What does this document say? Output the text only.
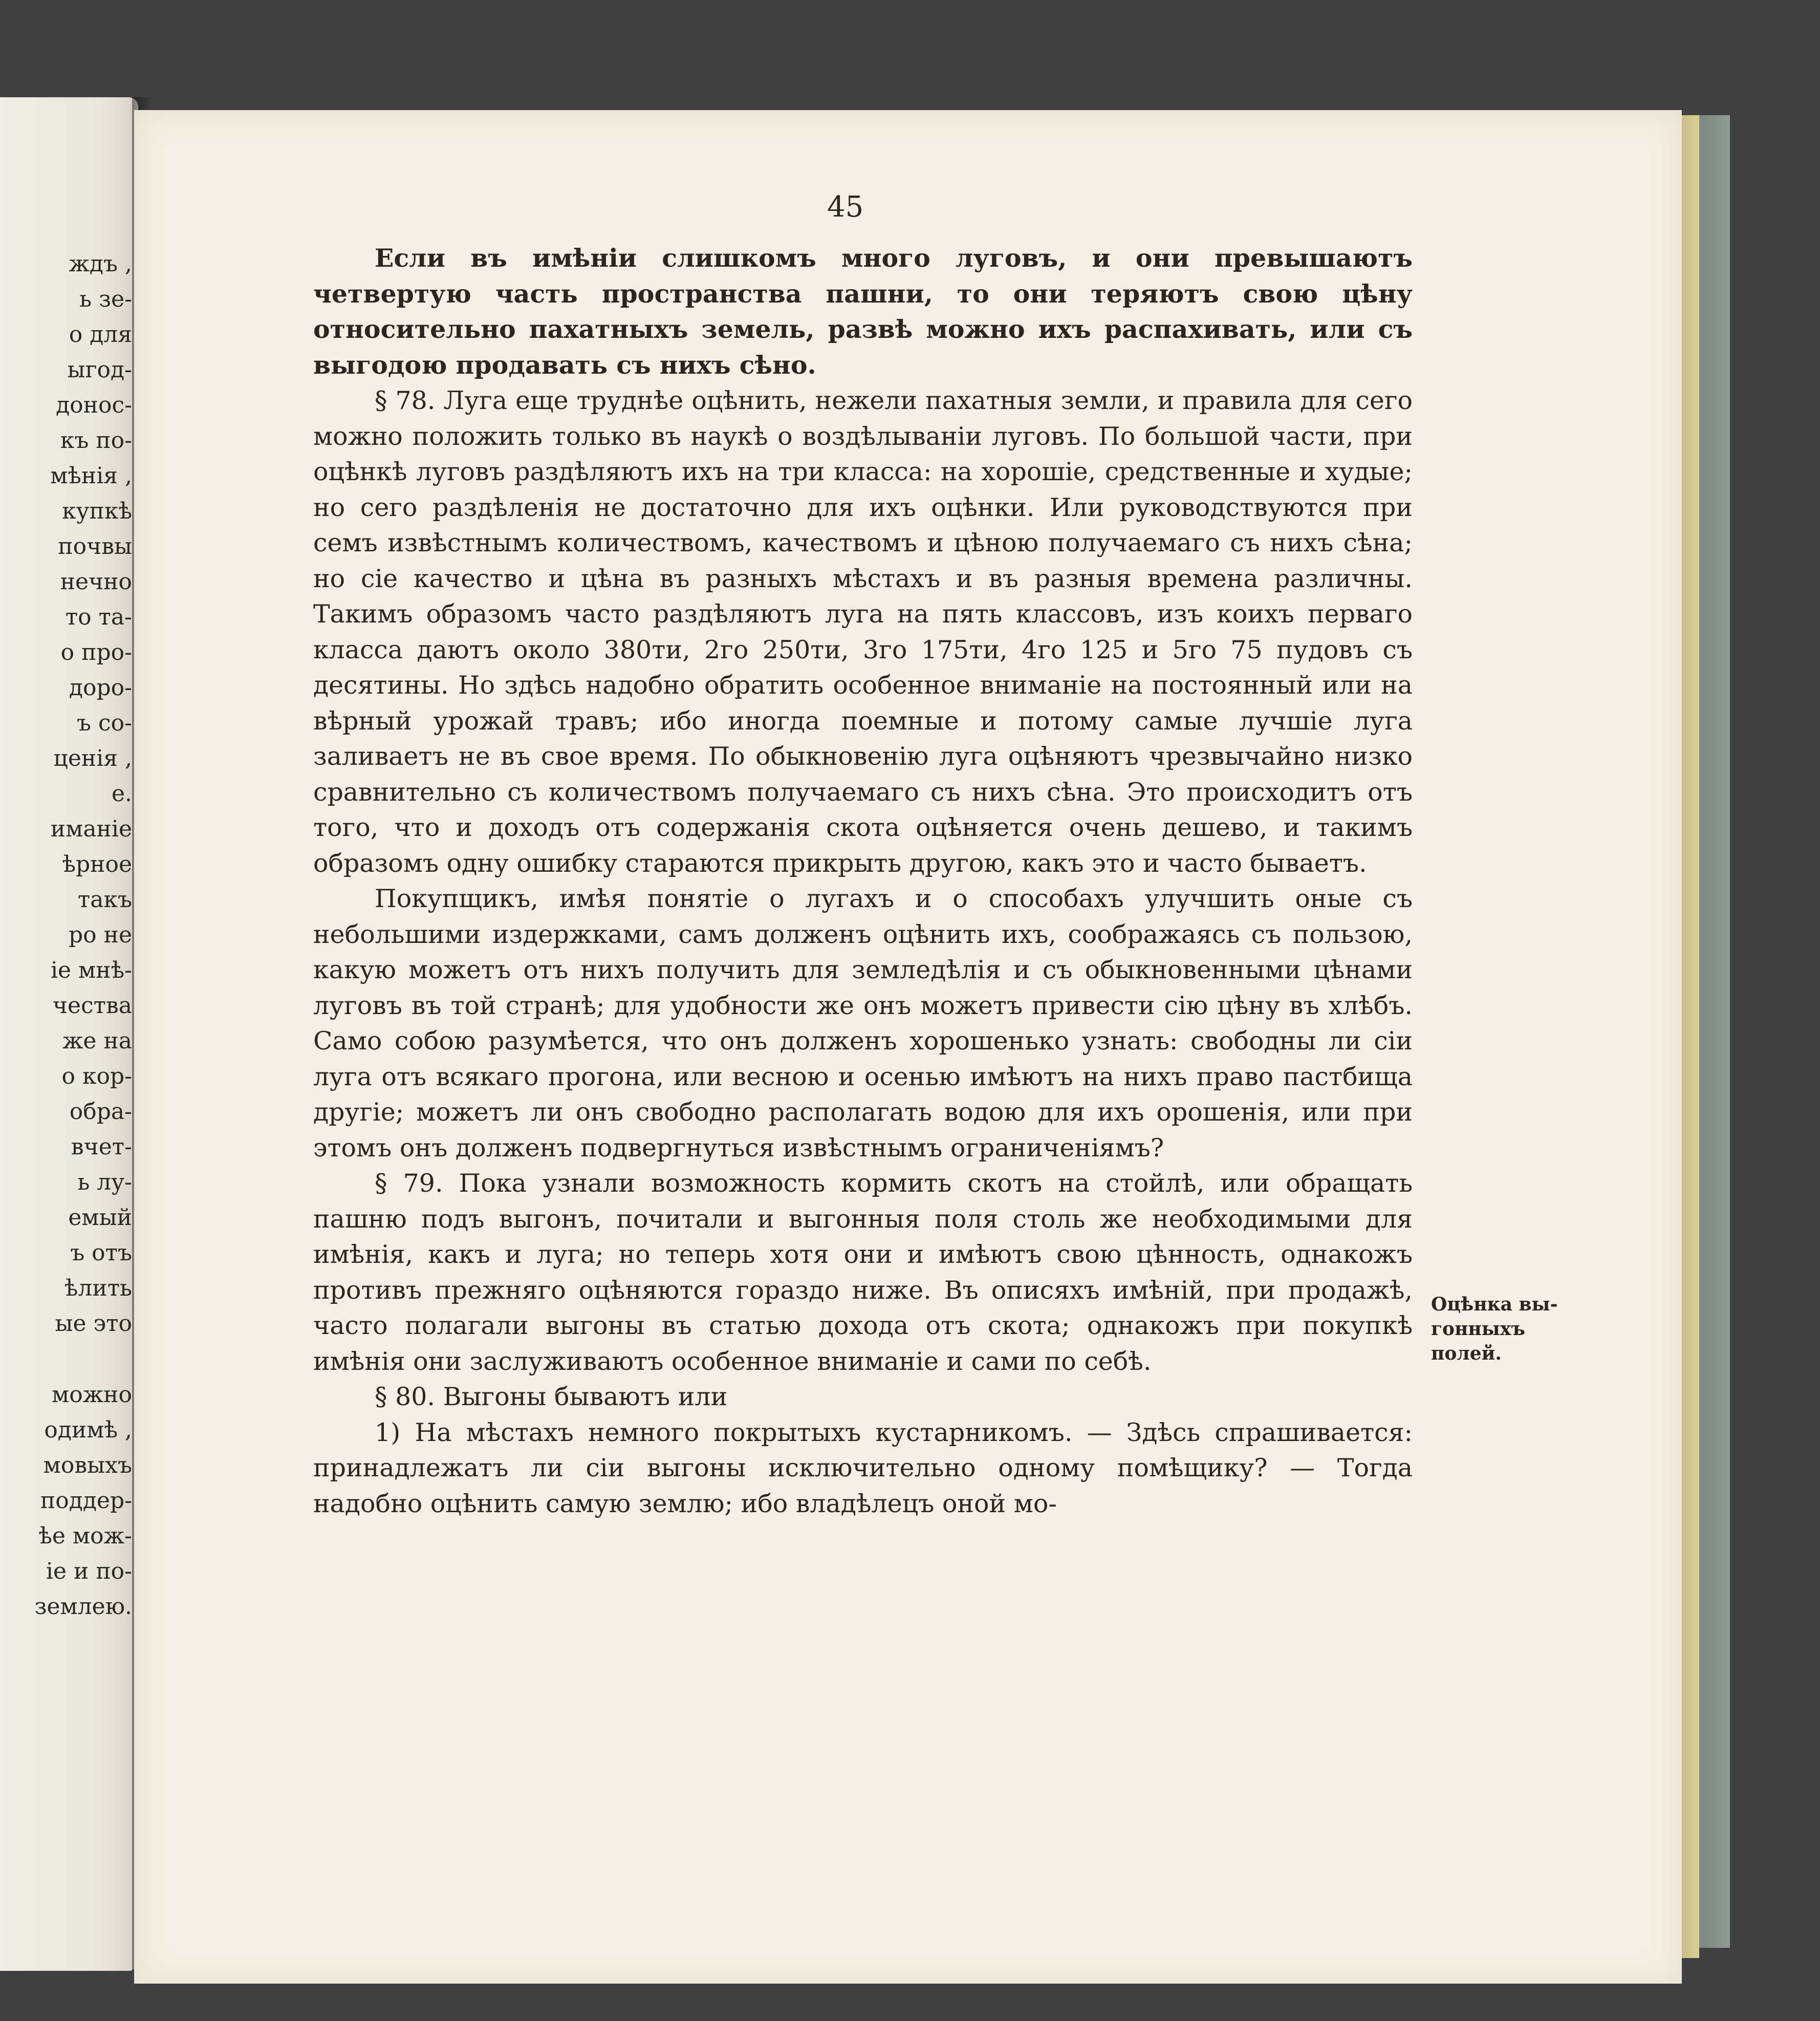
ждъ ,
ь зе-
о для
ыгод-
донос-
къ по-
мѣнія ,
купкѣ
почвы
нечно
то та-
о про-
доро-
ъ со-
ценія ,
е.
иманіе
ѣрное
такъ
ро не
іе мнѣ-
чества
же на
о кор-
обра-
вчет-
ь лу-
емый
ъ отъ
ѣлить
ые это
можно
одимѣ ,
мовыхъ
поддер-
ѣе мож-
іе и по-
землею.
45

Если въ имѣніи слишкомъ много луговъ, и они превышаютъ четвертую часть пространства пашни, то они теряютъ свою цѣну относительно пахатныхъ земель, развѣ можно ихъ распахивать, или съ выгодою продавать съ нихъ сѣно.

§ 78. Луга еще труднѣе оцѣнить, нежели пахатныя земли, и правила для сего можно положить только въ наукѣ о воздѣлываніи луговъ. По большой части, при оцѣнкѣ луговъ раздѣляютъ ихъ на три класса: на хорошіе, средственные и худые; но сего раздѣленія не достаточно для ихъ оцѣнки. Или руководствуются при семъ извѣстнымъ количествомъ, качествомъ и цѣною получаемаго съ нихъ сѣна; но сіе качество и цѣна въ разныхъ мѣстахъ и въ разныя времена различны. Такимъ образомъ часто раздѣляютъ луга на пять классовъ, изъ коихъ перваго класса даютъ около 380ти, 2го 250ти, 3го 175ти, 4го 125 и 5го 75 пудовъ съ десятины. Но здѣсь надобно обратить особенное вниманіе на постоянный или на вѣрный урожай травъ; ибо иногда поемные и потому самые лучшіе луга заливаетъ не въ свое время. По обыкновенію луга оцѣняютъ чрезвычайно низко сравнительно съ количествомъ получаемаго съ нихъ сѣна. Это происходитъ отъ того, что и доходъ отъ содержанія скота оцѣняется очень дешево, и такимъ образомъ одну ошибку стараются прикрыть другою, какъ это и часто бываетъ.

Покупщикъ, имѣя понятіе о лугахъ и о способахъ улучшить оные съ небольшими издержками, самъ долженъ оцѣнить ихъ, соображаясь съ пользою, какую можетъ отъ нихъ получить для земледѣлія и съ обыкновенными цѣнами луговъ въ той странѣ; для удобности же онъ можетъ привести сію цѣну въ хлѣбъ. Само собою разумѣется, что онъ долженъ хорошенько узнать: свободны ли сіи луга отъ всякаго прогона, или весною и осенью имѣютъ на нихъ право пастбища другіе; можетъ ли онъ свободно располагать водою для ихъ орошенія, или при этомъ онъ долженъ подвергнуться извѣстнымъ ограниченіямъ?

§ 79. Пока узнали возможность кормить скотъ на стойлѣ, или обращать пашню подъ выгонъ, почитали и выгонныя поля столь же необходимыми для имѣнія, какъ и луга; но теперь хотя они и имѣютъ свою цѣнность, однакожъ противъ прежняго оцѣняются гораздо ниже. Въ описяхъ имѣній, при продажѣ, часто полагали выгоны въ статью дохода отъ скота; однакожъ при покупкѣ имѣнія они заслуживаютъ особенное вниманіе и сами по себѣ.

§ 80. Выгоны бываютъ или

1) На мѣстахъ немного покрытыхъ кустарникомъ. — Здѣсь спрашивается: принадлежатъ ли сіи выгоны исключительно одному помѣщику? — Тогда надобно оцѣнить самую землю; ибо владѣлецъ оной мо-

Оцѣнка вы-
гонныхъ
полей.
